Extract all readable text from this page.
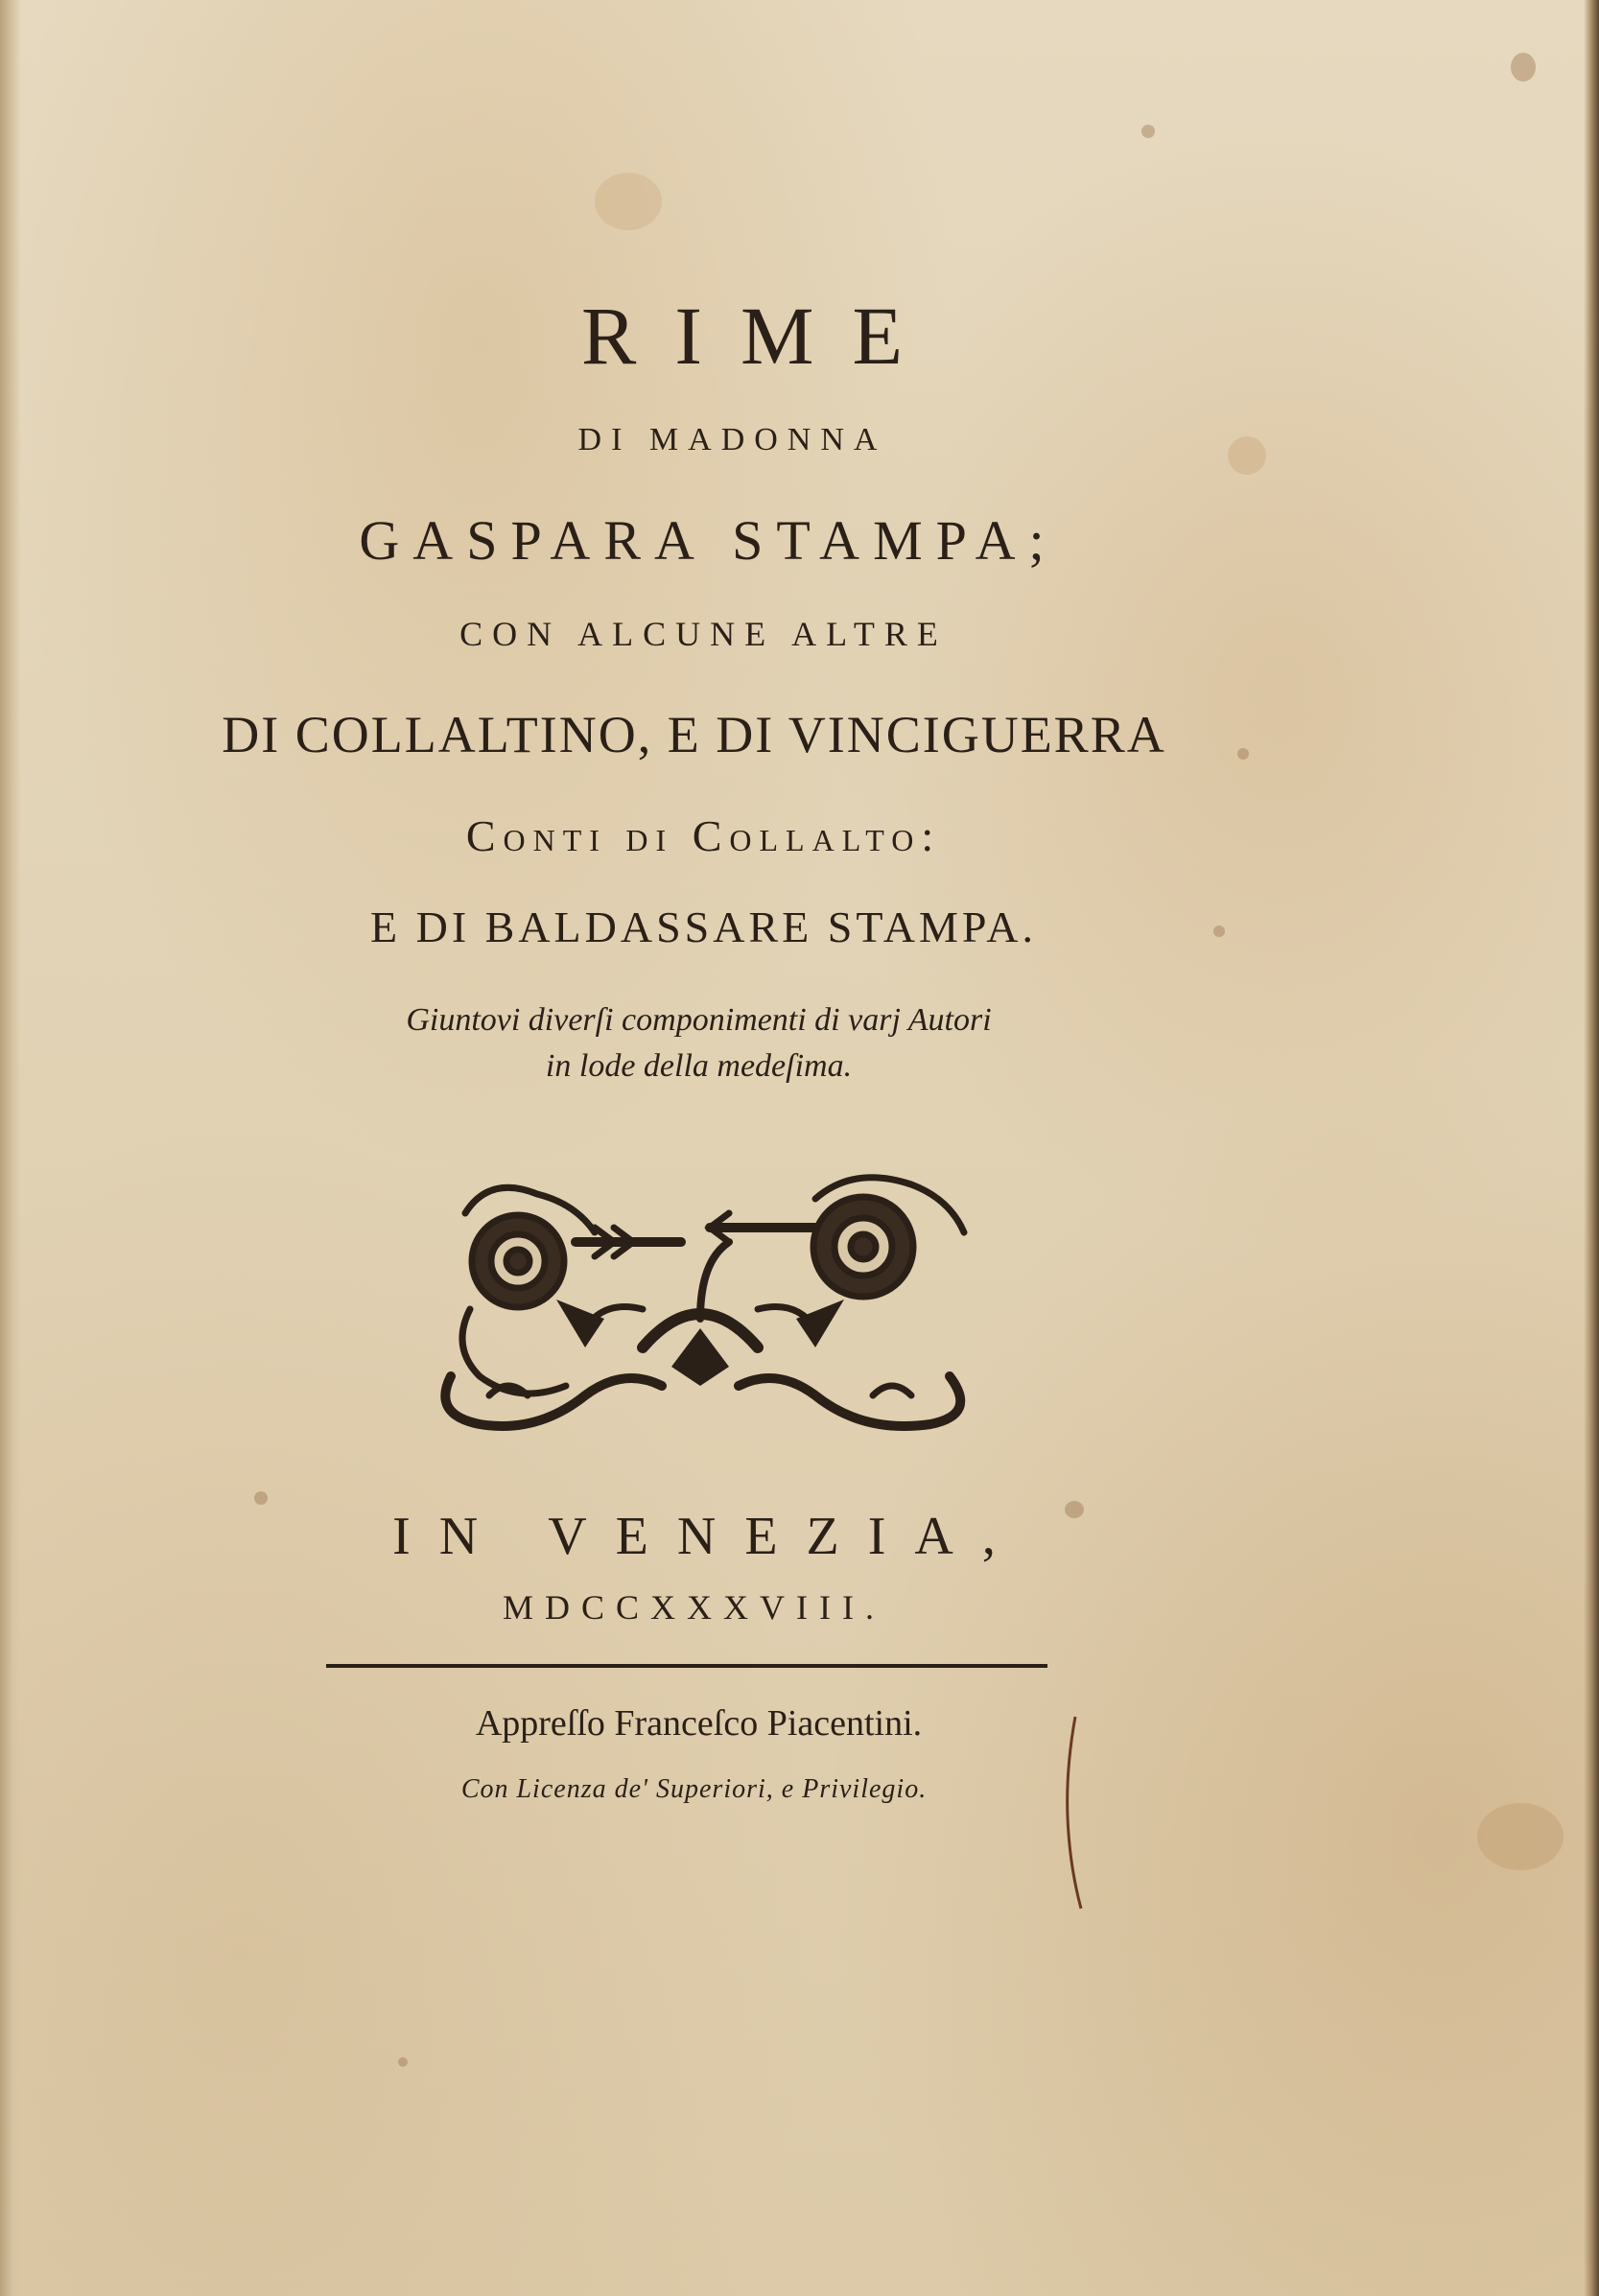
RIME
DI MADONNA
GASPARA STAMPA;
CON ALCUNE ALTRE
DI COLLALTINO, E DI VINCIGUERRA
Conti di Collalto:
E DI BALDASSARE STAMPA.
Giuntovi diverſi componimenti di varj Autori
in lode della medeſima.
IN VENEZIA,
MDCCXXXVIII.
Appreſſo Franceſco Piacentini.
Con Licenza de' Superiori, e Privilegio.
